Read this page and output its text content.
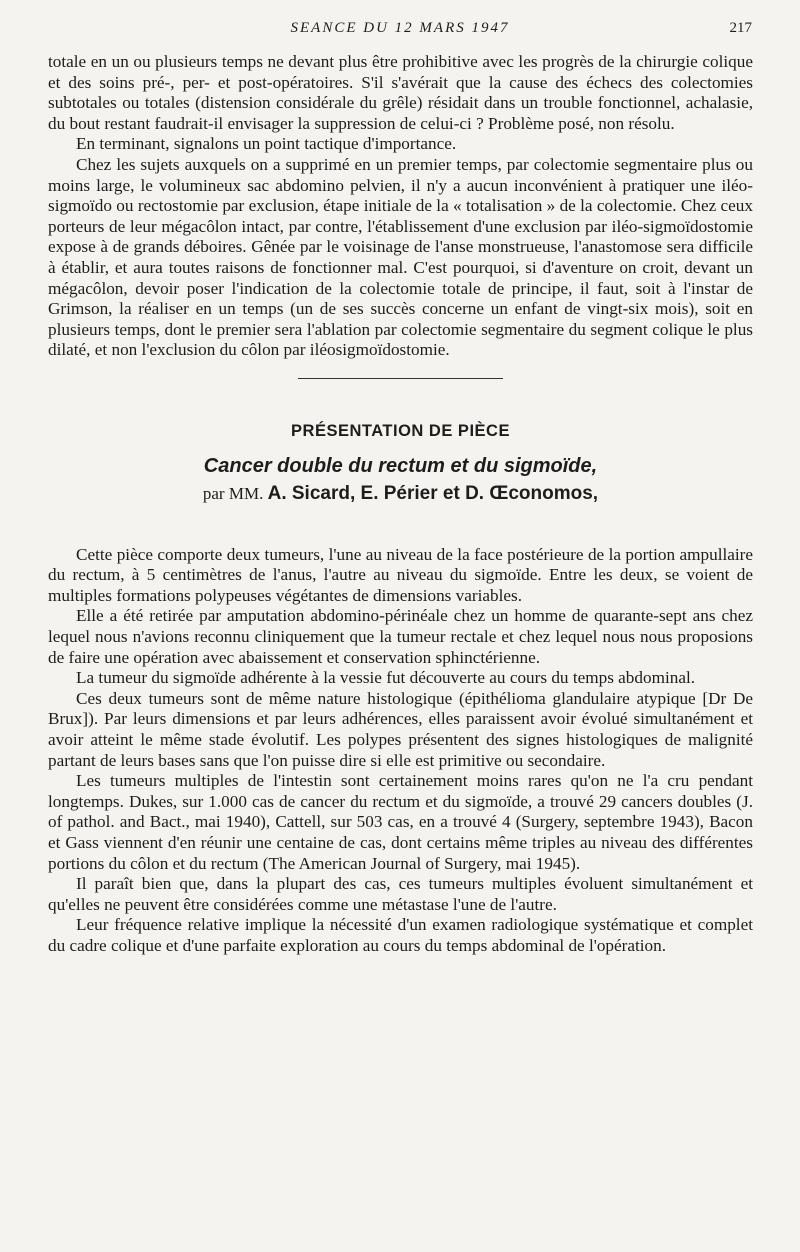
SEANCE DU 12 MARS 1947	217

totale en un ou plusieurs temps ne devant plus être prohibitive avec les progrès de la chirurgie colique et des soins pré-, per- et post-opératoires. S'il s'avérait que la cause des échecs des colectomies subtotales ou totales (distension considérale du grêle) résidait dans un trouble fonctionnel, achalasie, du bout restant faudrait-il envisager la suppression de celui-ci ? Problème posé, non résolu.

En terminant, signalons un point tactique d'importance.

Chez les sujets auxquels on a supprimé en un premier temps, par colectomie segmentaire plus ou moins large, le volumineux sac abdomino pelvien, il n'y a aucun inconvénient à pratiquer une iléo-sigmoïdo ou rectostomie par exclusion, étape initiale de la « totalisation » de la colectomie. Chez ceux porteurs de leur mégacôlon intact, par contre, l'établissement d'une exclusion par iléo-sigmoïdostomie expose à de grands déboires. Gênée par le voisinage de l'anse monstrueuse, l'anastomose sera difficile à établir, et aura toutes raisons de fonctionner mal. C'est pourquoi, si d'aventure on croit, devant un mégacôlon, devoir poser l'indication de la colectomie totale de principe, il faut, soit à l'instar de Grimson, la réaliser en un temps (un de ses succès concerne un enfant de vingt-six mois), soit en plusieurs temps, dont le premier sera l'ablation par colectomie segmentaire du segment colique le plus dilaté, et non l'exclusion du côlon par iléosigmoïdostomie.

PRÉSENTATION DE PIÈCE
Cancer double du rectum et du sigmoïde,
par MM. A. Sicard, E. Périer et D. Œconomos,

Cette pièce comporte deux tumeurs, l'une au niveau de la face postérieure de la portion ampullaire du rectum, à 5 centimètres de l'anus, l'autre au niveau du sigmoïde. Entre les deux, se voient de multiples formations polypeuses végétantes de dimensions variables.

Elle a été retirée par amputation abdomino-périnéale chez un homme de quarante-sept ans chez lequel nous n'avions reconnu cliniquement que la tumeur rectale et chez lequel nous nous proposions de faire une opération avec abaissement et conservation sphinctérienne.

La tumeur du sigmoïde adhérente à la vessie fut découverte au cours du temps abdominal.

Ces deux tumeurs sont de même nature histologique (épithélioma glandulaire atypique [Dr De Brux]). Par leurs dimensions et par leurs adhérences, elles paraissent avoir évolué simultanément et avoir atteint le même stade évolutif. Les polypes présentent des signes histologiques de malignité partant de leurs bases sans que l'on puisse dire si elle est primitive ou secondaire.

Les tumeurs multiples de l'intestin sont certainement moins rares qu'on ne l'a cru pendant longtemps. Dukes, sur 1.000 cas de cancer du rectum et du sigmoïde, a trouvé 29 cancers doubles (J. of pathol. and Bact., mai 1940), Cattell, sur 503 cas, en a trouvé 4 (Surgery, septembre 1943), Bacon et Gass viennent d'en réunir une centaine de cas, dont certains même triples au niveau des différentes portions du côlon et du rectum (The American Journal of Surgery, mai 1945).

Il paraît bien que, dans la plupart des cas, ces tumeurs multiples évoluent simultanément et qu'elles ne peuvent être considérées comme une métastase l'une de l'autre.

Leur fréquence relative implique la nécessité d'un examen radiologique systématique et complet du cadre colique et d'une parfaite exploration au cours du temps abdominal de l'opération.
